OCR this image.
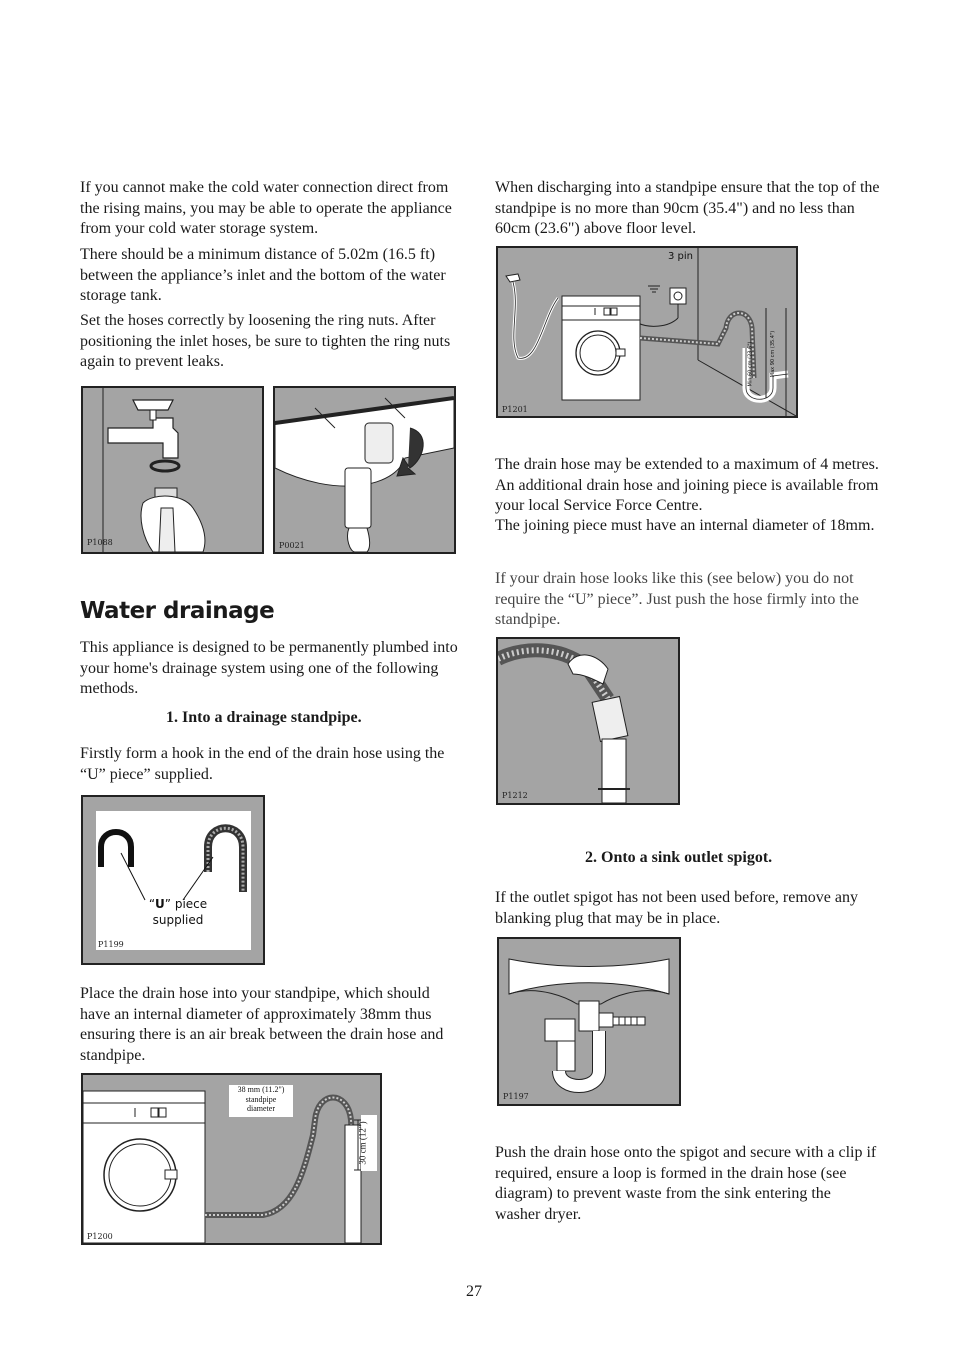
If you cannot make the cold water connection direct from the rising mains, you may be able to operate the appliance from your cold water storage system.

There should be a minimum distance of 5.02m (16.5 ft) between the appliance’s inlet and the bottom of the water storage tank.

Set the hoses correctly by loosening the ring nuts. After positioning the inlet hoses, be sure to tighten the ring nuts again to prevent leaks.

P1088	P0021
Water drainage

This appliance is designed to be permanently plumbed into your home's drainage system using one of the following methods.

1. Into a drainage standpipe.

Firstly form a hook in the end of the drain hose using the “U” piece” supplied.

“U” piece
supplied
P1199

Place the drain hose into your standpipe, which should have an internal diameter of approximately 38mm thus ensuring there is an air break between the drain hose and standpipe.

38 mm (11.2")
standpipe
diameter
30 cm (12")
P1200

When discharging into a standpipe ensure that the top of the standpipe is no more than 90cm (35.4") and no less than 60cm (23.6") above floor level.

3 pin
Min 60 cm (23.6")	Max 90 cm (35.4")
P1201

The drain hose may be extended to a maximum of 4 metres. An additional drain hose and joining piece is available from your local Service Force Centre.

The joining piece must have an internal diameter of 18mm.

If your drain hose looks like this (see below) you do not require the “U” piece”. Just push the hose firmly into the standpipe.

P1212

2. Onto a sink outlet spigot.

If the outlet spigot has not been used before, remove any blanking plug that may be in place.

P1197

Push the drain hose onto the spigot and secure with a clip if required, ensure a loop is formed in the drain hose (see diagram) to prevent waste from the sink entering the washer dryer.

27
